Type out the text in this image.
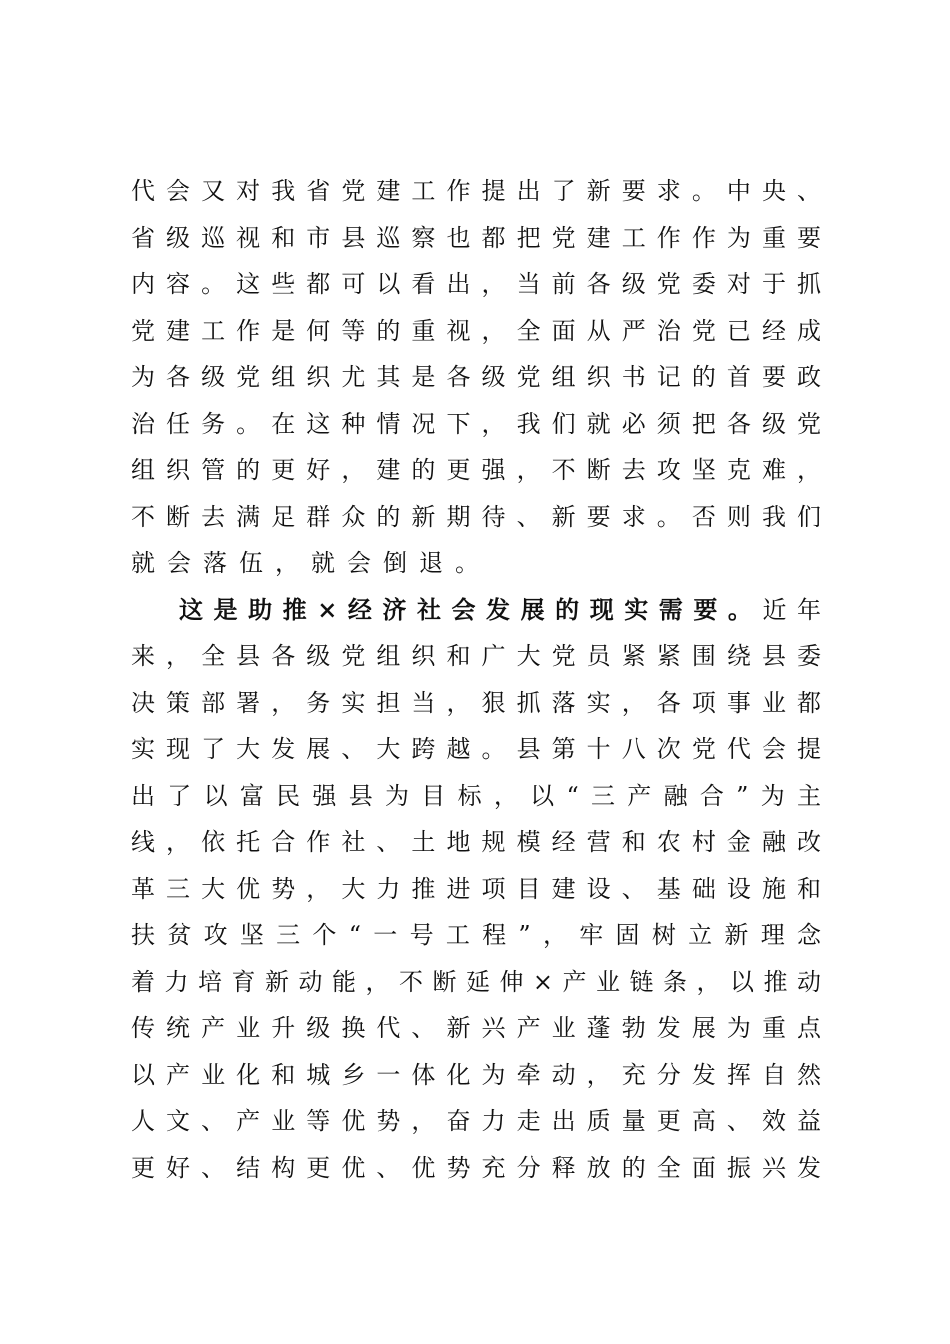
代会又对我省党建工作提出了新要求。中央、
省级巡视和市县巡察也都把党建工作作为重要
内容。这些都可以看出，当前各级党委对于抓
党建工作是何等的重视，全面从严治党已经成
为各级党组织尤其是各级党组织书记的首要政
治任务。在这种情况下，我们就必须把各级党
组织管的更好，建的更强，不断去攻坚克难，
不断去满足群众的新期待、新要求。否则我们
就会落伍，就会倒退。
这是助推×经济社会发展的现实需要。近年
来，全县各级党组织和广大党员紧紧围绕县委
决策部署，务实担当，狠抓落实，各项事业都
实现了大发展、大跨越。县第十八次党代会提
出了以富民强县为目标，以“三产融合”为主
线，依托合作社、土地规模经营和农村金融改
革三大优势，大力推进项目建设、基础设施和
扶贫攻坚三个“一号工程”，牢固树立新理念
着力培育新动能，不断延伸×产业链条，以推动
传统产业升级换代、新兴产业蓬勃发展为重点
以产业化和城乡一体化为牵动，充分发挥自然
人文、产业等优势，奋力走出质量更高、效益
更好、结构更优、优势充分释放的全面振兴发
